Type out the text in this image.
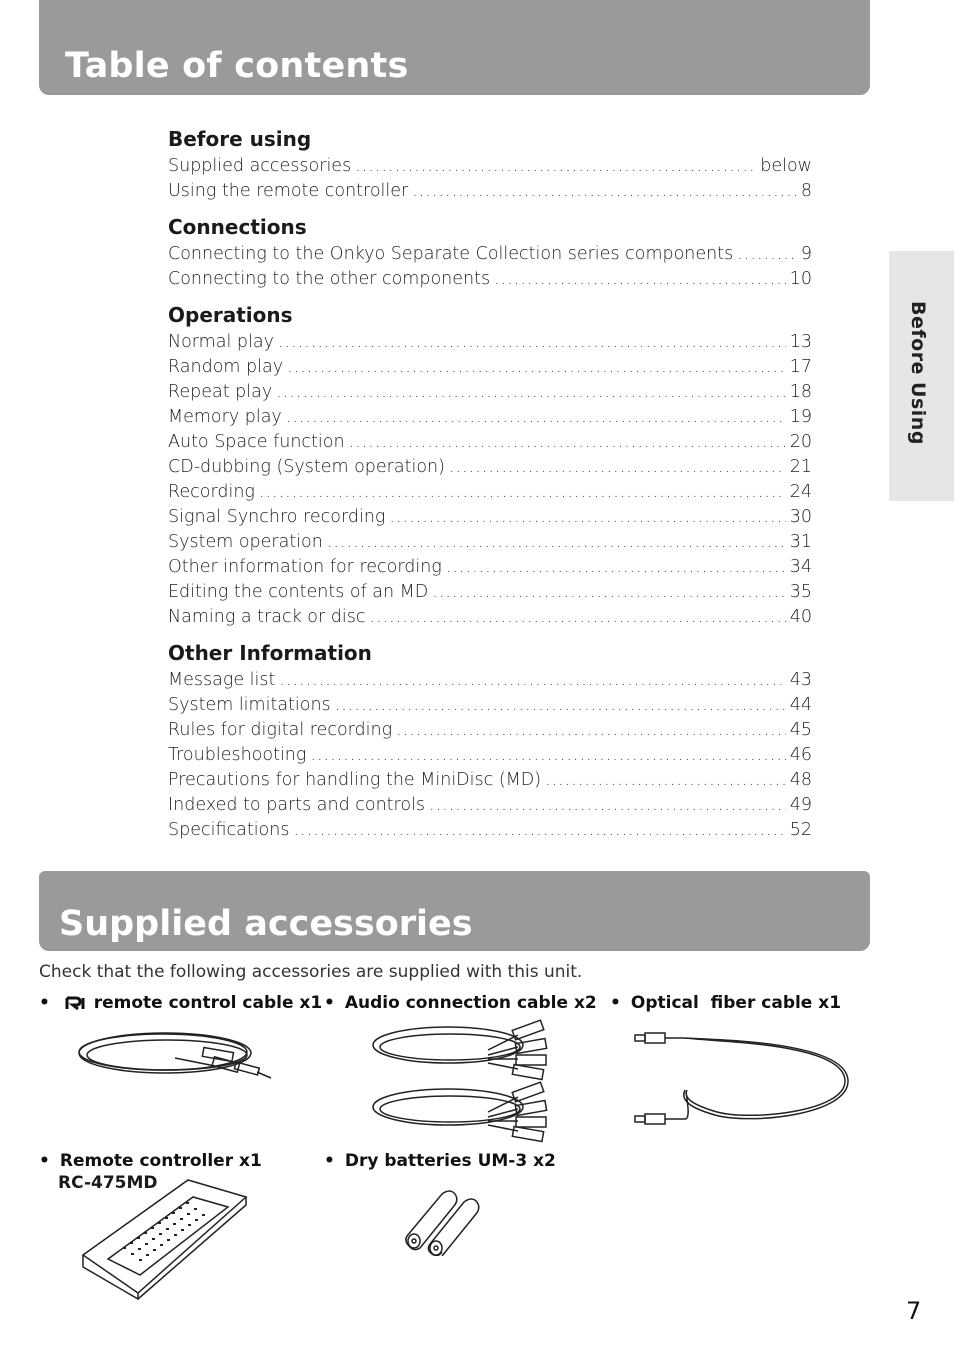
Table of contents
Before using
Supplied accessories .....	below
Using the remote controller .....	8
Connections
Connecting to the Onkyo Separate Collection series components .....	9
Connecting to the other components .....	10
Operations
Normal play .....	13
Random play .....	17
Repeat play .....	18
Memory play .....	19
Auto Space function .....	20
CD-dubbing (System operation) .....	21
Recording .....	24
Signal Synchro recording .....	30
System operation .....	31
Other information for recording .....	34
Editing the contents of an MD .....	35
Naming a track or disc .....	40
Other Information
Message list .....	43
System limitations .....	44
Rules for digital recording .....	45
Troubleshooting .....	46
Precautions for handling the MiniDisc (MD) .....	48
Indexed to parts and controls .....	49
Specifications .....	52
Before Using
Supplied accessories
Check that the following accessories are supplied with this unit.
•	remote control cable x1 • Audio connection cable x2 • Optical  fiber cable x1
• Remote controller x1
RC-475MD
• Dry batteries UM-3 x2
7
